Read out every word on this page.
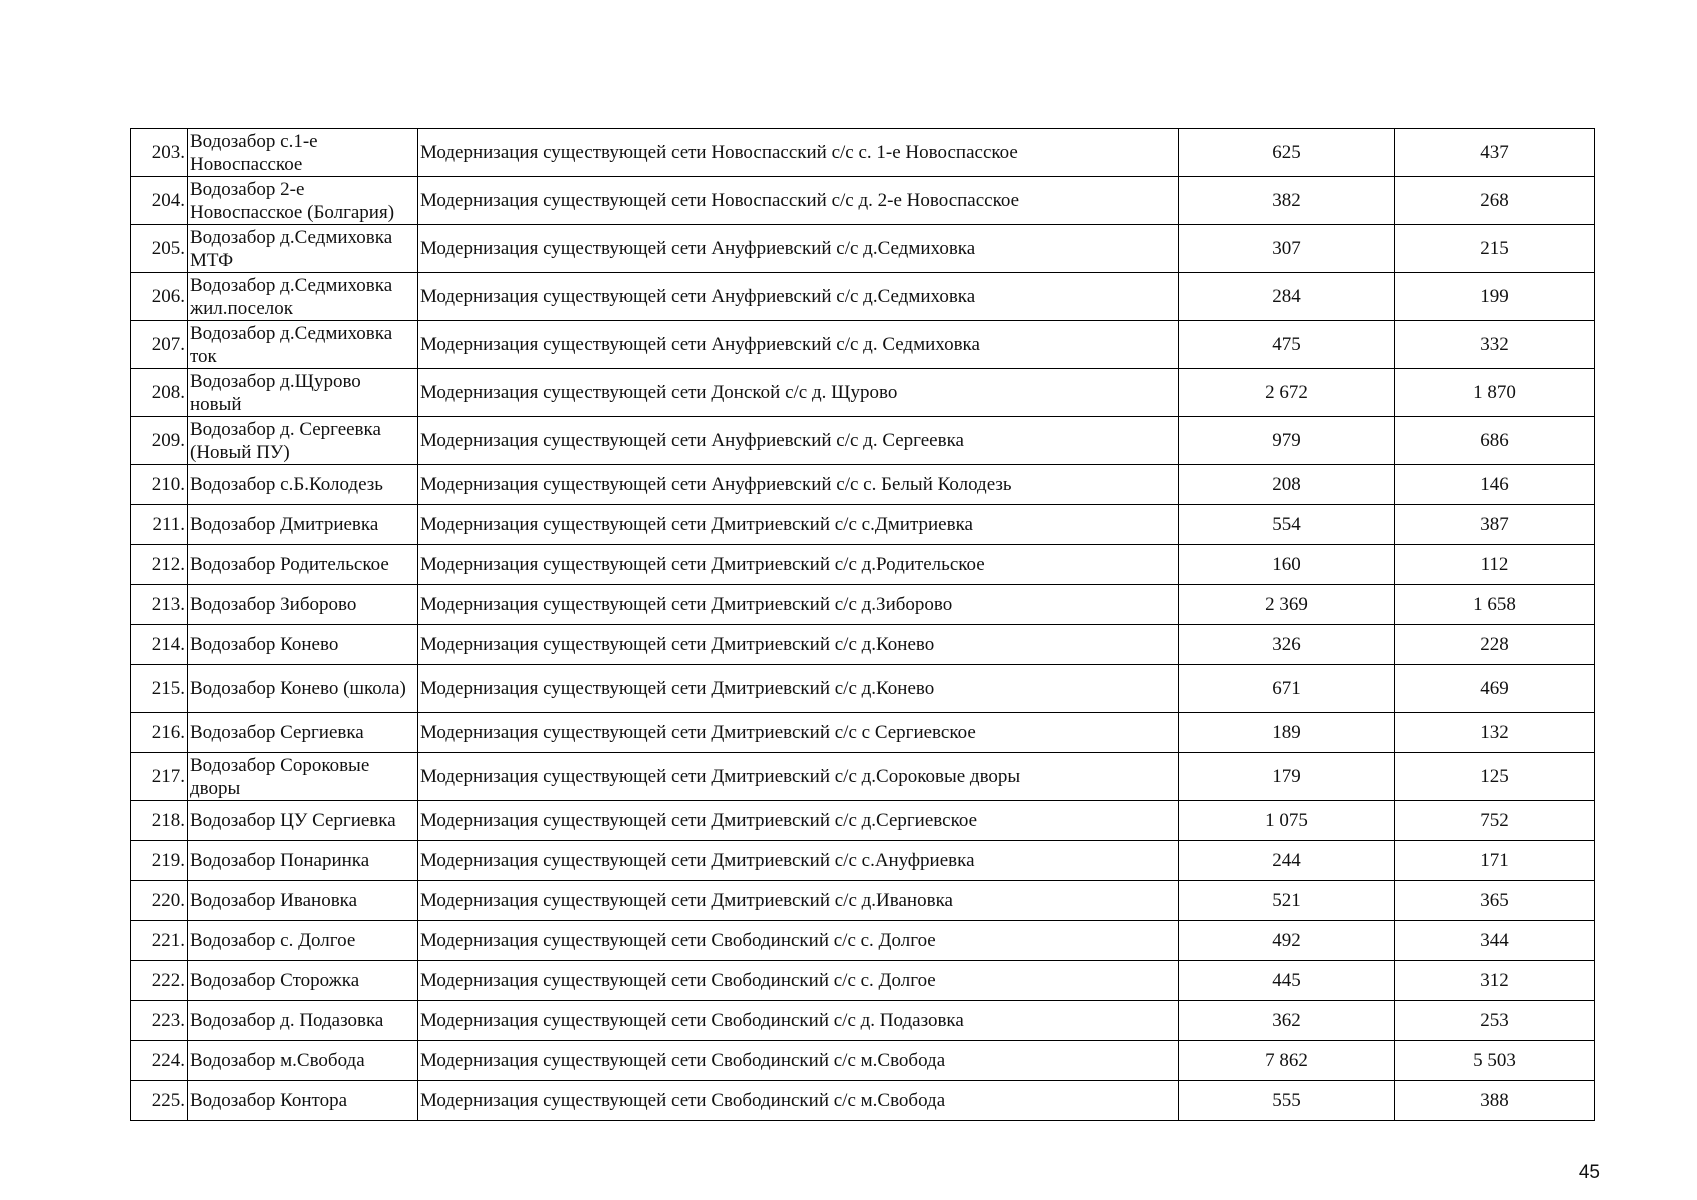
203.	Водозабор с.1-е Новоспасское	Модернизация существующей сети Новоспасский с/с с. 1-е Новоспасское	625	437
204.	Водозабор 2-е Новоспасское (Болгария)	Модернизация существующей сети Новоспасский с/с д. 2-е Новоспасское	382	268
205.	Водозабор д.Седмиховка МТФ	Модернизация существующей сети Ануфриевский с/с д.Седмиховка	307	215
206.	Водозабор д.Седмиховка жил.поселок	Модернизация существующей сети Ануфриевский с/с д.Седмиховка	284	199
207.	Водозабор д.Седмиховка ток	Модернизация существующей сети Ануфриевский с/с д. Седмиховка	475	332
208.	Водозабор д.Щурово новый	Модернизация существующей сети Донской с/с д. Щурово	2 672	1 870
209.	Водозабор д. Сергеевка (Новый ПУ)	Модернизация существующей сети Ануфриевский с/с д. Сергеевка	979	686
210.	Водозабор с.Б.Колодезь	Модернизация существующей сети Ануфриевский с/с с. Белый Колодезь	208	146
211.	Водозабор Дмитриевка	Модернизация существующей сети Дмитриевский с/с с.Дмитриевка	554	387
212.	Водозабор Родительское	Модернизация существующей сети Дмитриевский с/с д.Родительское	160	112
213.	Водозабор Зиборово	Модернизация существующей сети Дмитриевский с/с д.Зиборово	2 369	1 658
214.	Водозабор Конево	Модернизация существующей сети Дмитриевский с/с д.Конево	326	228
215.	Водозабор Конево (школа)	Модернизация существующей сети Дмитриевский с/с д.Конево	671	469
216.	Водозабор Сергиевка	Модернизация существующей сети Дмитриевский с/с с Сергиевское	189	132
217.	Водозабор Сороковые дворы	Модернизация существующей сети Дмитриевский с/с д.Сороковые дворы	179	125
218.	Водозабор ЦУ Сергиевка	Модернизация существующей сети Дмитриевский с/с д.Сергиевское	1 075	752
219.	Водозабор Понаринка	Модернизация существующей сети Дмитриевский с/с с.Ануфриевка	244	171
220.	Водозабор Ивановка	Модернизация существующей сети Дмитриевский с/с д.Ивановка	521	365
221.	Водозабор с. Долгое	Модернизация существующей сети Свободинский с/с с. Долгое	492	344
222.	Водозабор Сторожка	Модернизация существующей сети Свободинский с/с с. Долгое	445	312
223.	Водозабор д. Подазовка	Модернизация существующей сети Свободинский с/с д. Подазовка	362	253
224.	Водозабор м.Свобода	Модернизация существующей сети Свободинский с/с м.Свобода	7 862	5 503
225.	Водозабор Контора	Модернизация существующей сети Свободинский с/с м.Свобода	555	388
45
